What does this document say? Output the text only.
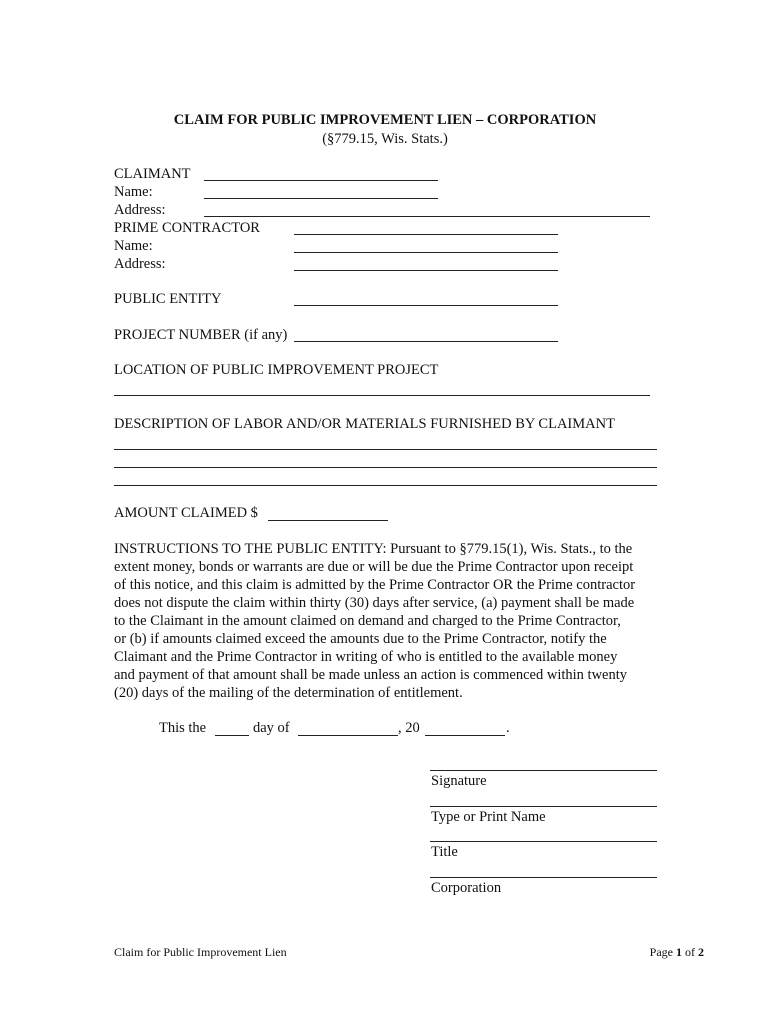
CLAIM FOR PUBLIC IMPROVEMENT LIEN – CORPORATION
(§779.15, Wis. Stats.)
CLAIMANT
Name:
Address:
PRIME CONTRACTOR
Name:
Address:
PUBLIC ENTITY
PROJECT NUMBER (if any)
LOCATION OF PUBLIC IMPROVEMENT PROJECT
DESCRIPTION OF LABOR AND/OR MATERIALS FURNISHED BY CLAIMANT
AMOUNT CLAIMED $
INSTRUCTIONS TO THE PUBLIC ENTITY: Pursuant to §779.15(1), Wis. Stats., to the
extent money, bonds or warrants are due or will be due the Prime Contractor upon receipt
of this notice, and this claim is admitted by the Prime Contractor OR the Prime contractor
does not dispute the claim within thirty (30) days after service, (a) payment shall be made
to the Claimant in the amount claimed on demand and charged to the Prime Contractor,
or (b) if amounts claimed exceed the amounts due to the Prime Contractor, notify the
Claimant and the Prime Contractor in writing of who is entitled to the available money
and payment of that amount shall be made unless an action is commenced within twenty
(20) days of the mailing of the determination of entitlement.
This the	day of	, 20	.
Signature
Type or Print Name
Title
Corporation
Claim for Public Improvement Lien	Page 1 of 2
